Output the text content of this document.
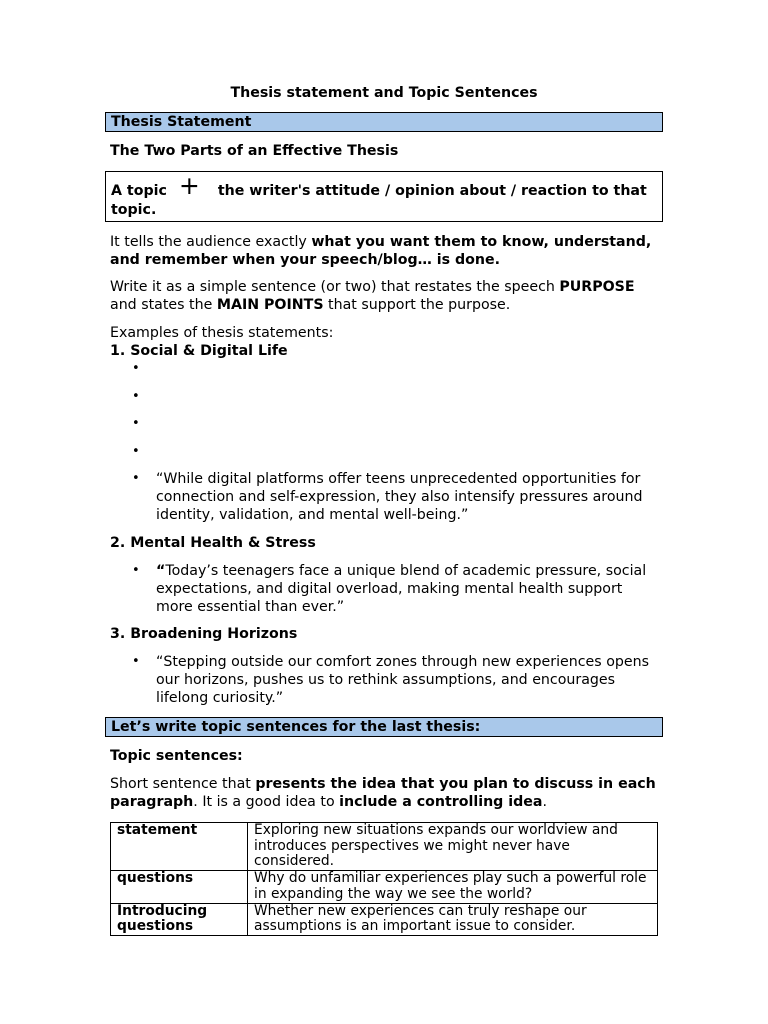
Thesis statement and Topic Sentences
Thesis Statement
The Two Parts of an Effective Thesis
A topic + the writer's attitude / opinion about / reaction to that topic.

It tells the audience exactly what you want them to know, understand, and remember when your speech/blog… is done.

Write it as a simple sentence (or two) that restates the speech PURPOSE and states the MAIN POINTS that support the purpose.

Examples of thesis statements:
1. Social & Digital Life
•
•
•
•
• “While digital platforms offer teens unprecedented opportunities for connection and self-expression, they also intensify pressures around identity, validation, and mental well-being.”
2. Mental Health & Stress
• “Today’s teenagers face a unique blend of academic pressure, social expectations, and digital overload, making mental health support more essential than ever.”
3. Broadening Horizons
• “Stepping outside our comfort zones through new experiences opens our horizons, pushes us to rethink assumptions, and encourages lifelong curiosity.”
Let’s write topic sentences for the last thesis:
Topic sentences:

Short sentence that presents the idea that you plan to discuss in each paragraph. It is a good idea to include a controlling idea.

statement	Exploring new situations expands our worldview and introduces perspectives we might never have considered.
questions	Why do unfamiliar experiences play such a powerful role in expanding the way we see the world?
Introducing questions	Whether new experiences can truly reshape our assumptions is an important issue to consider.
